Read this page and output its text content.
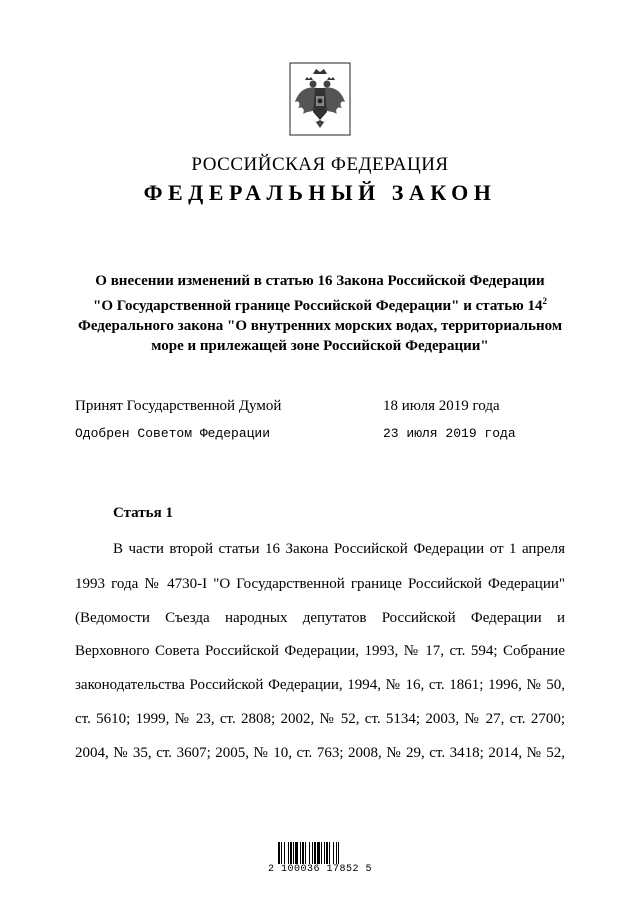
РОССИЙСКАЯ ФЕДЕРАЦИЯ
ФЕДЕРАЛЬНЫЙ ЗАКОН
О внесении изменений в статью 16 Закона Российской Федерации
"О Государственной границе Российской Федерации" и статью $14^2$
Федерального закона "О внутренних морских водах, территориальном
море и прилежащей зоне Российской Федерации"
Принят Государственной Думой	18 июля 2019 года
Одобрен Советом Федерации	23 июля 2019 года
Статья 1
В части второй статьи 16 Закона Российской Федерации от 1 апреля
1993 года № 4730-I "О Государственной границе Российской Федерации"
(Ведомости Съезда народных депутатов Российской Федерации и
Верховного Совета Российской Федерации, 1993, № 17, ст. 594; Собрание
законодательства Российской Федерации, 1994, № 16, ст. 1861; 1996, № 50,
ст. 5610; 1999, № 23, ст. 2808; 2002, № 52, ст. 5134; 2003, № 27, ст. 2700;
2004, № 35, ст. 3607; 2005, № 10, ст. 763; 2008, № 29, ст. 3418; 2014, № 52,
2 100036 17852 5
